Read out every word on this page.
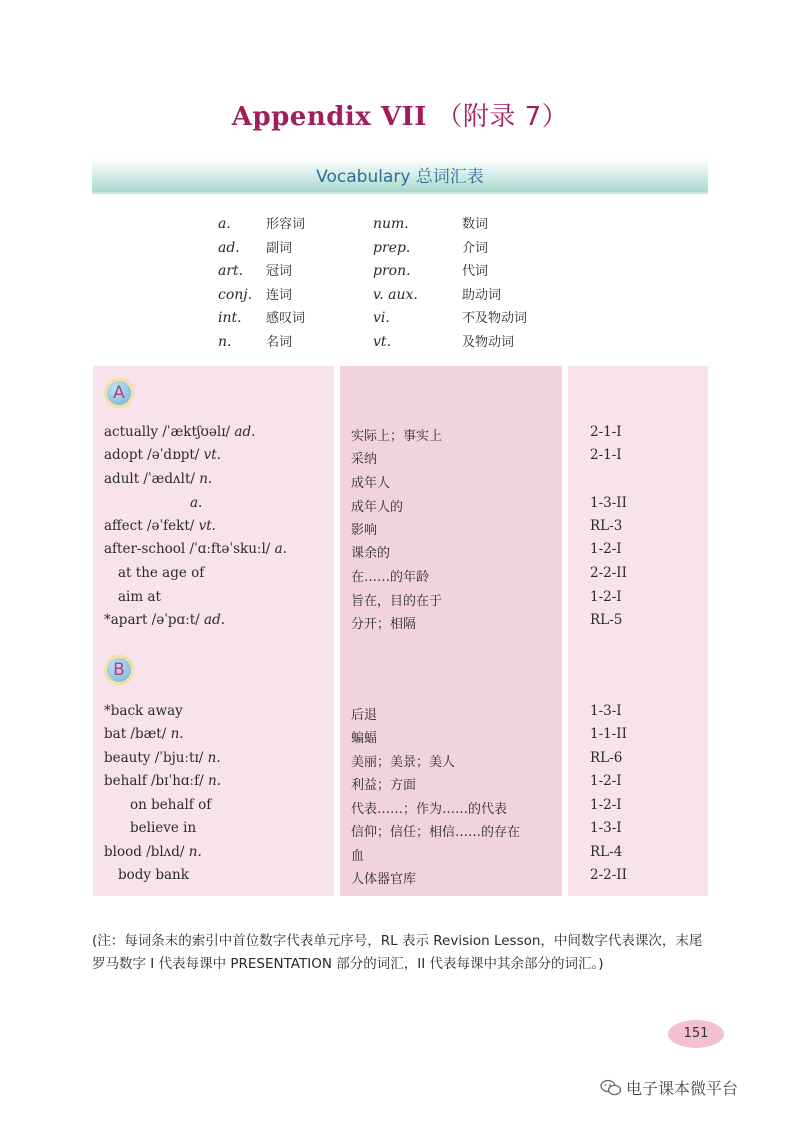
Appendix VII （附录 7）
Vocabulary 总词汇表
a.	形容词	num.	数词
ad. 副词	prep.	介词
art. 冠词	pron.	代词
conj. 连词	v. aux.	助动词
int. 感叹词	vi.	不及物动词
n.	名词	vt.	及物动词
A
actually /ˈæktʃʊəlɪ/ ad.	实际上；事实上	2-1-I
adopt /əˈdɒpt/ vt.	采纳	2-1-I
adult /ˈædʌlt/ n.	成年人
a.	成年人的	1-3-II
affect /əˈfekt/ vt.	影响	RL-3
after-school /ˈɑːftəˈskuːl/ a.	课余的	1-2-I
at the age of	在……的年龄	2-2-II
aim at	旨在，目的在于	1-2-I
*apart /əˈpɑːt/ ad.	分开；相隔	RL-5
B
*back away	后退	1-3-I
bat /bæt/ n.	蝙蝠	1-1-II
beauty /ˈbjuːtɪ/ n.	美丽；美景；美人	RL-6
behalf /bɪˈhɑːf/ n.	利益；方面	1-2-I
on behalf of	代表……；作为……的代表	1-2-I
believe in	信仰；信任；相信……的存在	1-3-I
blood /blʌd/ n.	血	RL-4
body bank	人体器官库	2-2-II
(注：每词条末的索引中首位数字代表单元序号，RL 表示 Revision Lesson，中间数字代表课次，末尾罗马数字 I 代表每课中 PRESENTATION 部分的词汇，II 代表每课中其余部分的词汇。)
151
电子课本微平台
